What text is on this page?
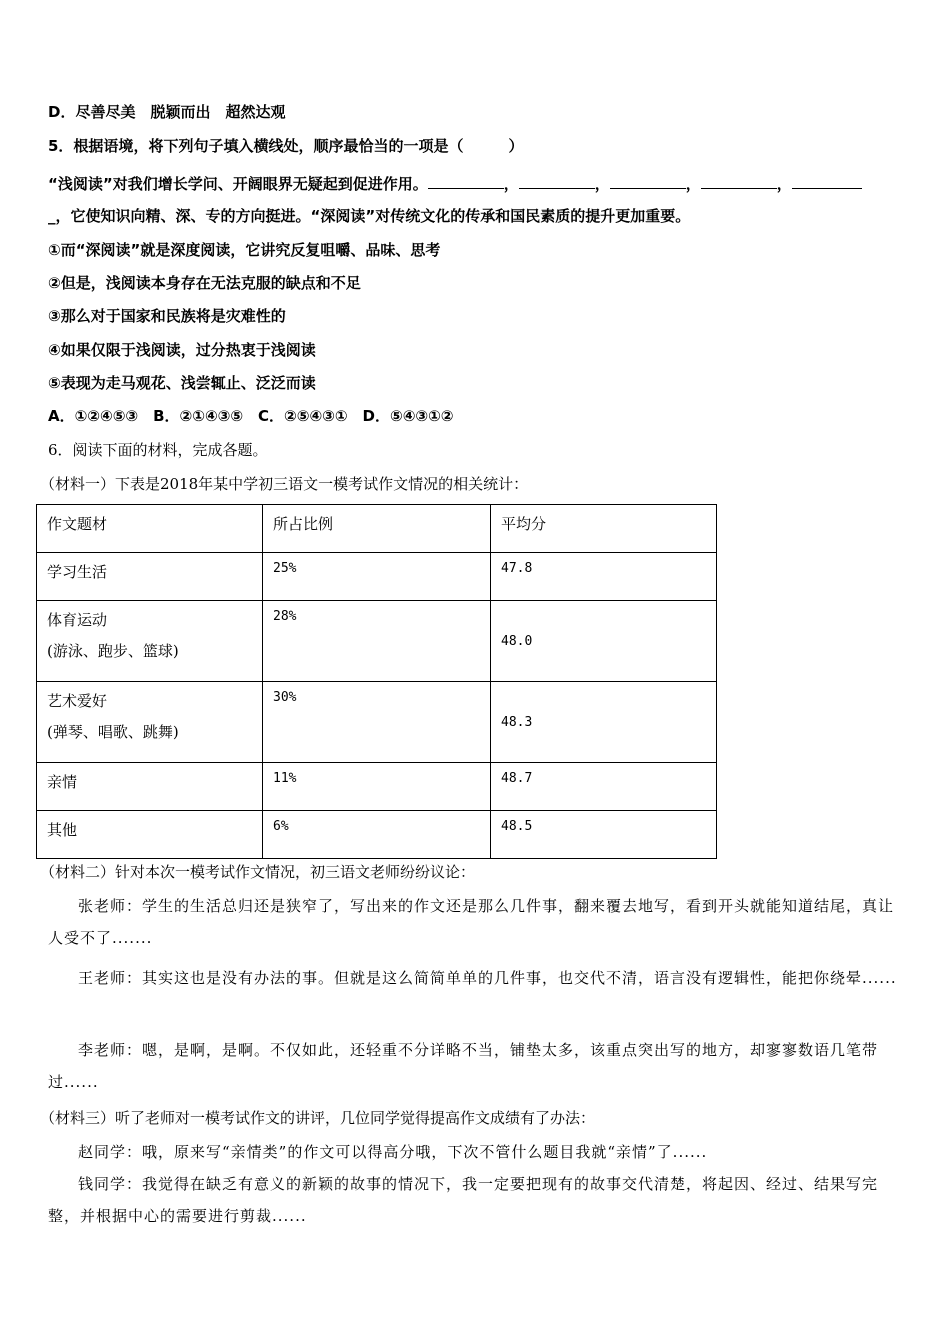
D．尽善尽美　脱颖而出　超然达观
5．根据语境，将下列句子填入横线处，顺序最恰当的一项是（　　　）
“浅阅读”对我们增长学问、开阔眼界无疑起到促进作用。	，	，	，	，
_，它使知识向精、深、专的方向挺进。“深阅读”对传统文化的传承和国民素质的提升更加重要。
①而“深阅读”就是深度阅读，它讲究反复咀嚼、品味、思考
②但是，浅阅读本身存在无法克服的缺点和不足
③那么对于国家和民族将是灾难性的
④如果仅限于浅阅读，过分热衷于浅阅读
⑤表现为走马观花、浅尝辄止、泛泛而读
A．①②④⑤③　B．②①④③⑤　C．②⑤④③①　D．⑤④③①②
6．阅读下面的材料，完成各题。
（材料一）下表是2018年某中学初三语文一模考试作文情况的相关统计：
作文题材	所占比例	平均分
学习生活	25%	47.8
体育运动
(游泳、跑步、篮球)	28%	48.0
艺术爱好
(弹琴、唱歌、跳舞)	30%	48.3
亲情	11%	48.7
其他	6%	48.5
（材料二）针对本次一模考试作文情况，初三语文老师纷纷议论：
张老师：学生的生活总归还是狭窄了，写出来的作文还是那么几件事，翻来覆去地写，看到开头就能知道结尾，真让人受不了.......
王老师：其实这也是没有办法的事。但就是这么简简单单的几件事，也交代不清，语言没有逻辑性，能把你绕晕......
李老师：嗯，是啊，是啊。不仅如此，还轻重不分详略不当，铺垫太多，该重点突出写的地方，却寥寥数语几笔带过......
（材料三）听了老师对一模考试作文的讲评，几位同学觉得提高作文成绩有了办法：
赵同学：哦，原来写“亲情类”的作文可以得高分哦，下次不管什么题目我就“亲情”了......
钱同学：我觉得在缺乏有意义的新颖的故事的情况下，我一定要把现有的故事交代清楚，将起因、经过、结果写完整，并根据中心的需要进行剪裁......
